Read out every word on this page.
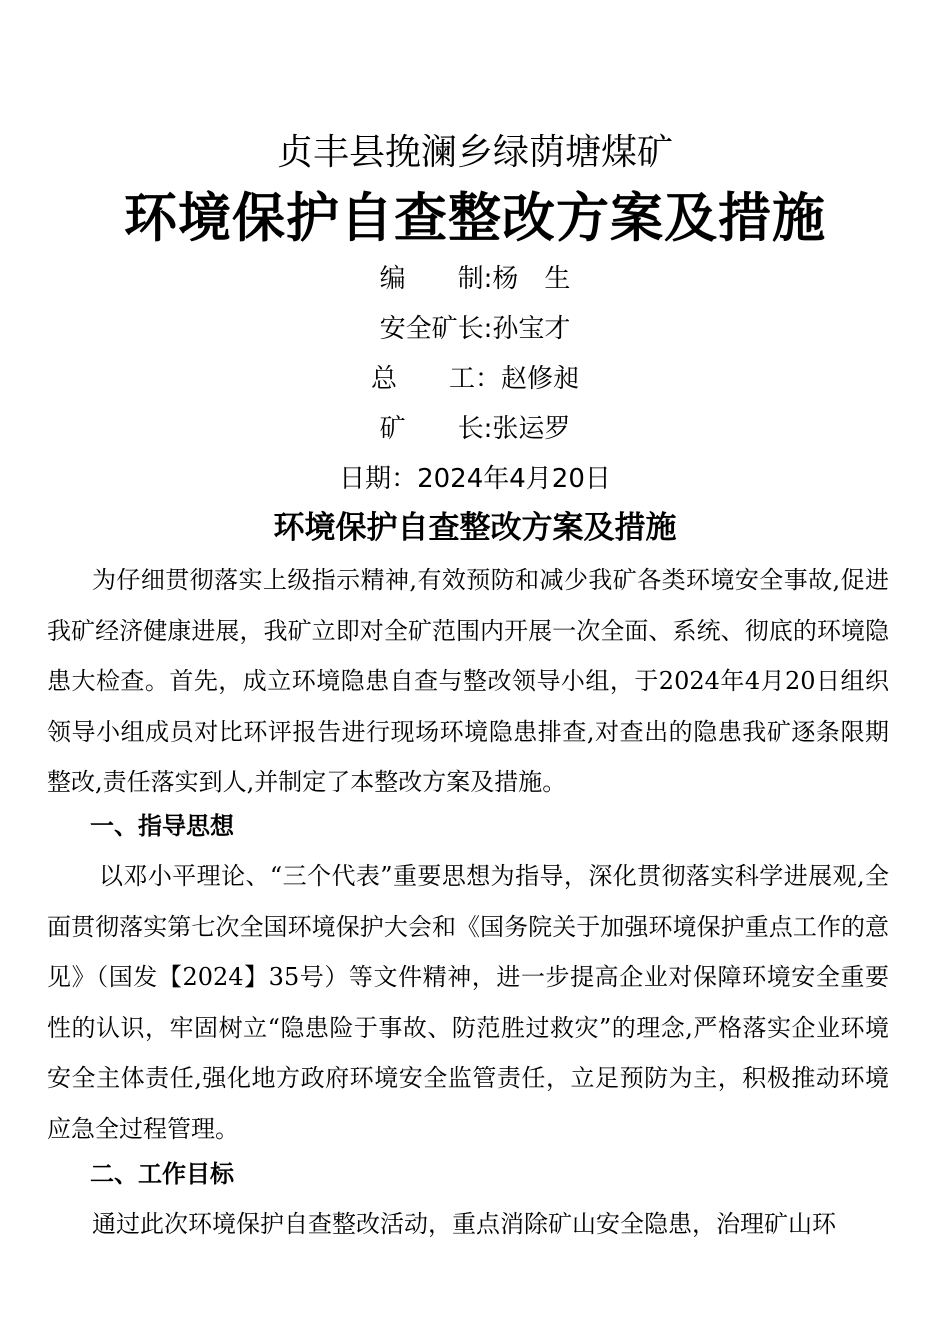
贞丰县挽澜乡绿荫塘煤矿
环境保护自查整改方案及措施
编　　制: 杨　生
安全矿长: 孙宝才
总　　工： 赵修昶
矿　　长: 张运罗
日期：2024年4月20日
环境保护自查整改方案及措施
为仔细贯彻落实上级指示精神,有效预防和减少我矿各类环境安全事故,促进我矿经济健康进展，我矿立即对全矿范围内开展一次全面、系统、彻底的环境隐患大检查。首先，成立环境隐患自查与整改领导小组，于2024年4月20日组织领导小组成员对比环评报告进行现场环境隐患排查,对查出的隐患我矿逐条限期整改,责任落实到人,并制定了本整改方案及措施。
一、指导思想
以邓小平理论、“三个代表”重要思想为指导，深化贯彻落实科学进展观,全面贯彻落实第七次全国环境保护大会和《国务院关于加强环境保护重点工作的意见》（国发【2024】35号）等文件精神，进一步提高企业对保障环境安全重要性的认识，牢固树立“隐患险于事故、防范胜过救灾”的理念,严格落实企业环境安全主体责任,强化地方政府环境安全监管责任，立足预防为主，积极推动环境应急全过程管理。
二、工作目标
通过此次环境保护自查整改活动，重点消除矿山安全隐患，治理矿山环
